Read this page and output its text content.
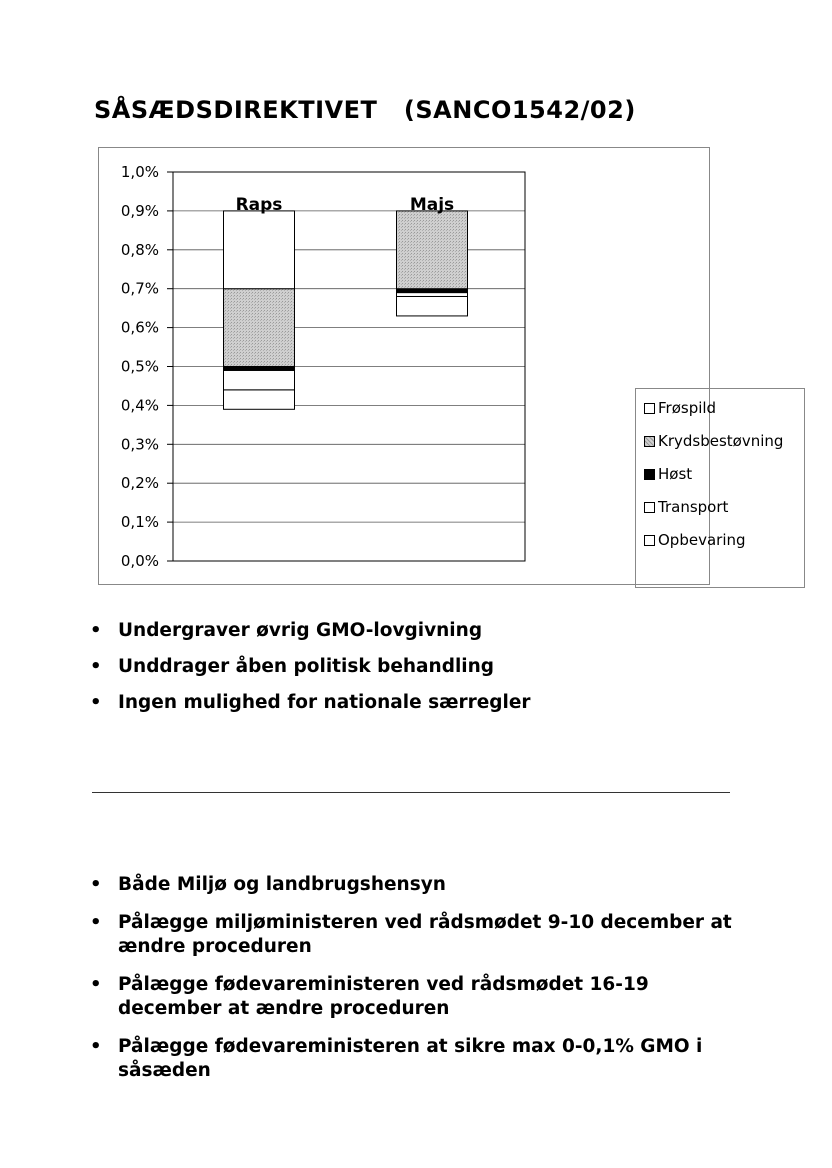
SÅSÆDSDIREKTIVET   (SANCO1542/02)
1,0%
0,9%
0,8%
0,7%
0,6%
0,5%
0,4%
0,3%
0,2%
0,1%
0,0%
Raps	Majs
Frøspild
Krydsbestøvning
Høst
Transport
Opbevaring
• Undergraver øvrig GMO-lovgivning
• Unddrager åben politisk behandling
• Ingen mulighed for nationale særregler
• Både Miljø og landbrugshensyn
• Pålægge miljøministeren ved rådsmødet 9-10 december at ændre proceduren
• Pålægge fødevareministeren ved rådsmødet 16-19 december at ændre proceduren
• Pålægge fødevareministeren at sikre max 0-0,1% GMO i såsæden
